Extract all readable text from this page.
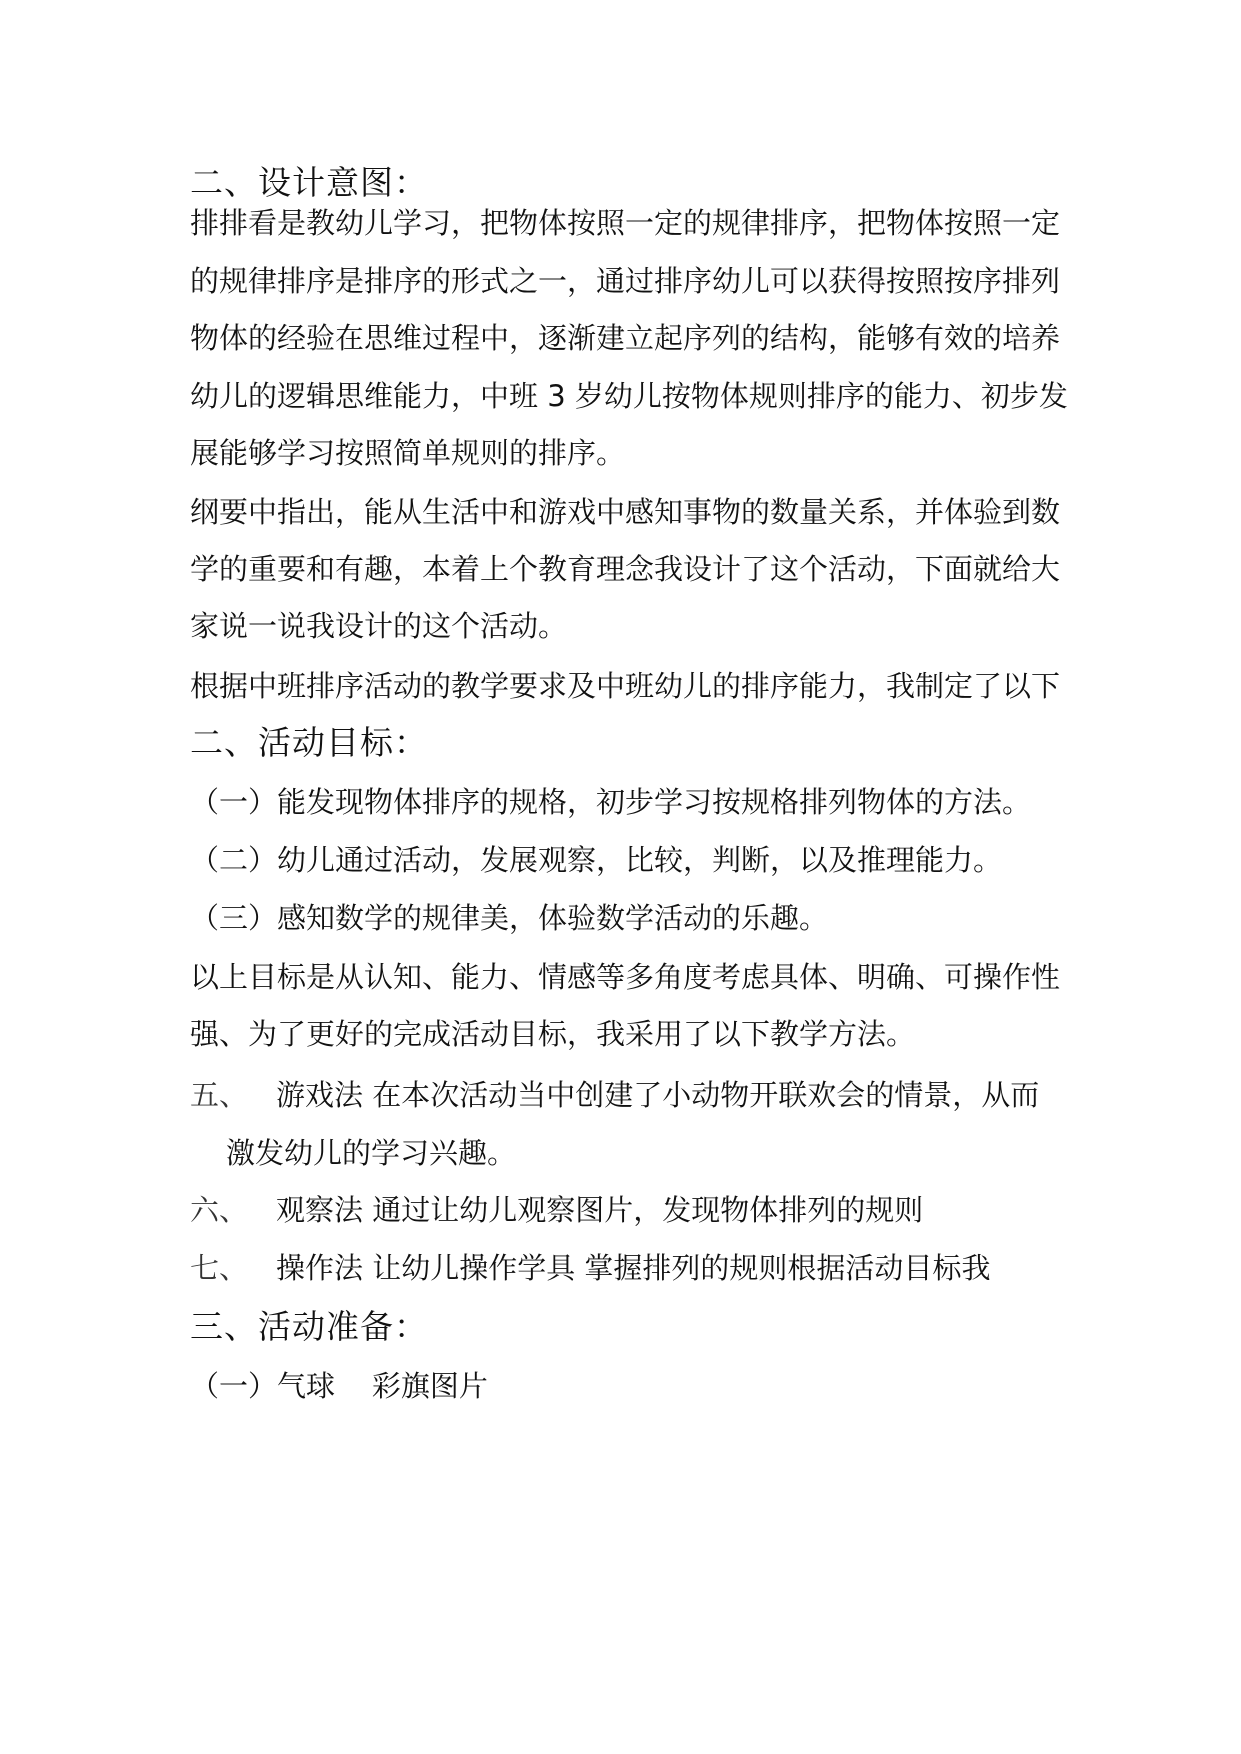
二、设计意图：
排排看是教幼儿学习，把物体按照一定的规律排序，把物体按照一定
的规律排序是排序的形式之一，通过排序幼儿可以获得按照按序排列
物体的经验在思维过程中，逐渐建立起序列的结构，能够有效的培养
幼儿的逻辑思维能力，中班 3 岁幼儿按物体规则排序的能力、初步发
展能够学习按照简单规则的排序。
纲要中指出，能从生活中和游戏中感知事物的数量关系，并体验到数
学的重要和有趣，本着上个教育理念我设计了这个活动，下面就给大
家说一说我设计的这个活动。
根据中班排序活动的教学要求及中班幼儿的排序能力，我制定了以下
二、活动目标：
（一）能发现物体排序的规格，初步学习按规格排列物体的方法。
（二）幼儿通过活动，发展观察，比较，判断，以及推理能力。
（三）感知数学的规律美，体验数学活动的乐趣。
以上目标是从认知、能力、情感等多角度考虑具体、明确、可操作性
强、为了更好的完成活动目标，我采用了以下教学方法。
五、 游戏法 在本次活动当中创建了小动物开联欢会的情景，从而
激发幼儿的学习兴趣。
六、 观察法 通过让幼儿观察图片，发现物体排列的规则
七、 操作法 让幼儿操作学具 掌握排列的规则根据活动目标我
三、活动准备：
（一）气球    彩旗图片
